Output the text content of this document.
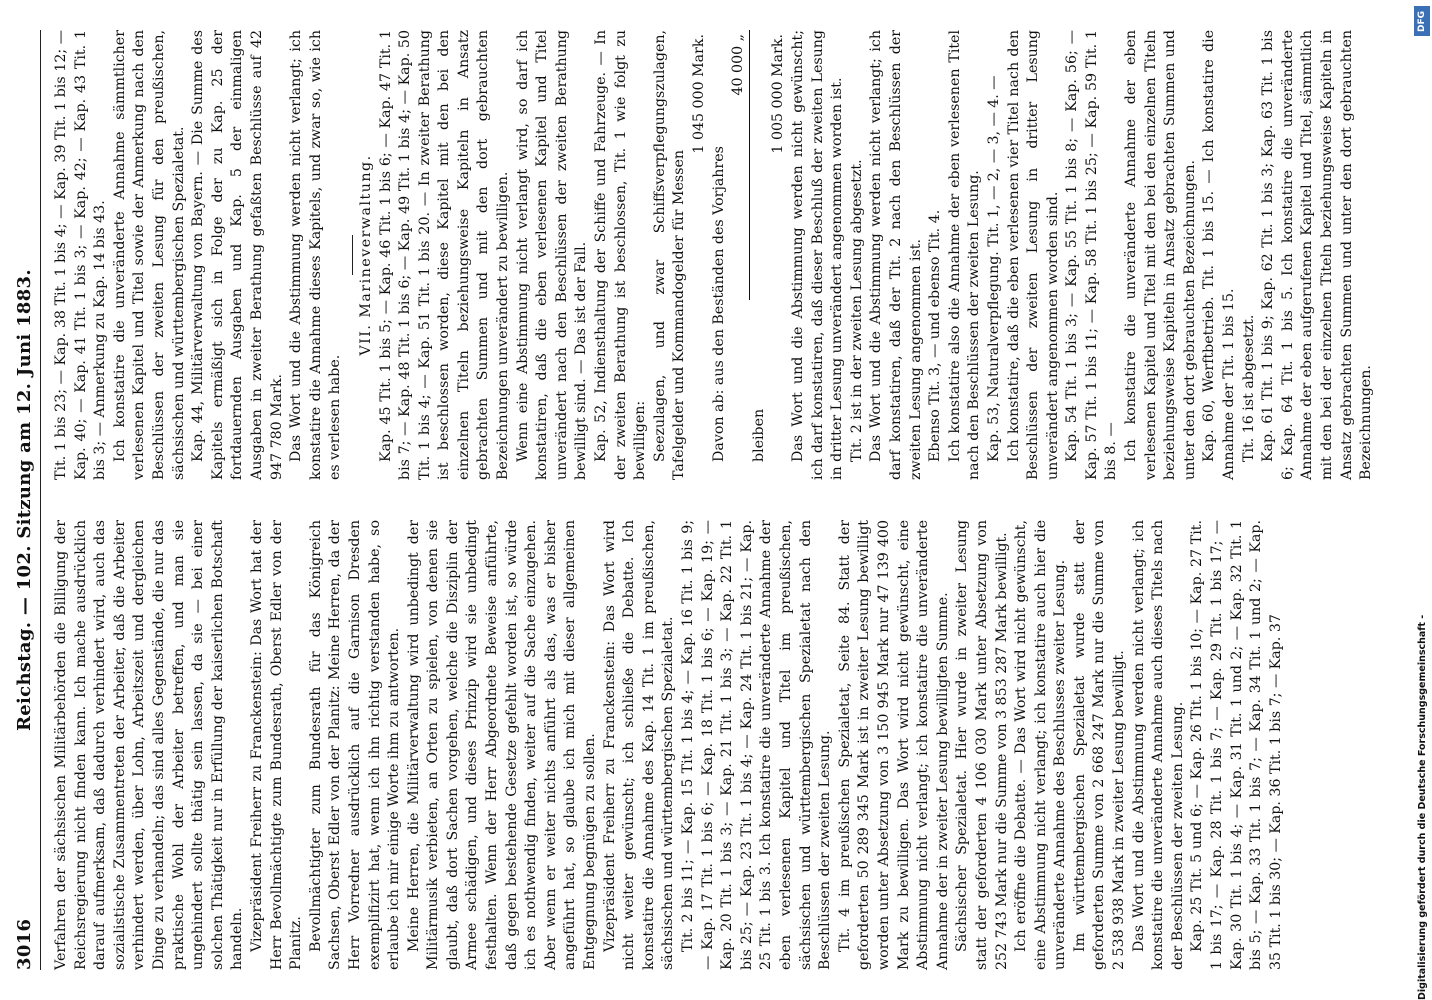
3016
Reichstag. — 102. Sitzung am 12. Juni 1883.

Verfahren der sächsischen Militärbehörden die Billigung der Reichsregierung nicht finden kann. Ich mache ausdrücklich darauf aufmerksam, daß dadurch verhindert wird, auch das sozialistische Zusammentreten der Arbeiter, daß die Arbeiter verhindert werden, über Lohn, Arbeitszeit und dergleichen Dinge zu verhandeln; das sind alles Gegenstände, die nur das praktische Wohl der Arbeiter betreffen, und man sie ungehindert sollte thätig sein lassen, da sie — bei einer solchen Thätigkeit nur in Erfüllung der kaiserlichen Botschaft handeln. Vizepräsident Freiherr zu Franckenstein: Das Wort hat der Herr Bevollmächtigte zum Bundesrath, Oberst Edler von der Planitz. Bevollmächtigter zum Bundesrath für das Königreich Sachsen, Oberst Edler von der Planitz: Meine Herren, da der Herr Vorredner ausdrücklich auf die Garnison Dresden exemplifizirt hat, wenn ich ihn richtig verstanden habe, so erlaube ich mir einige Worte ihm zu antworten. Meine Herren, die Militärverwaltung wird unbedingt der Militärmusik verbieten, an Orten zu spielen, von denen sie glaubt, daß dort Sachen vorgehen, welche die Disziplin der Armee schädigen, und dieses Prinzip wird sie unbedingt festhalten. Wenn der Herr Abgeordnete Beweise anführte, daß gegen bestehende Gesetze gefehlt worden ist, so würde ich es nothwendig finden, weiter auf die Sache einzugehen. Aber wenn er weiter nichts anführt als das, was er bisher angeführt hat, so glaube ich mich mit dieser allgemeinen Entgegnung begnügen zu sollen. Vizepräsident Freiherr zu Franckenstein: Das Wort wird nicht weiter gewünscht; ich schließe die Debatte. Ich konstatire die Annahme des Kap. 14 Tit. 1 im preußischen, sächsischen und württembergischen Spezialetat. Tit. 2 bis 11; — Kap. 15 Tit. 1 bis 4; — Kap. 16 Tit. 1 bis 9; — Kap. 17 Tit. 1 bis 6; — Kap. 18 Tit. 1 bis 6; — Kap. 19; — Kap. 20 Tit. 1 bis 3; — Kap. 21 Tit. 1 bis 3; — Kap. 22 Tit. 1 bis 25; — Kap. 23 Tit. 1 bis 4; — Kap. 24 Tit. 1 bis 21; — Kap. 25 Tit. 1 bis 3. Ich konstatire die unveränderte Annahme der eben verlesenen Kapitel und Titel im preußischen, sächsischen und württembergischen Spezialetat nach den Beschlüssen der zweiten Lesung. Tit. 4 im preußischen Spezialetat, Seite 84. Statt der geforderten 50 289 345 Mark ist in zweiter Lesung bewilligt worden unter Absetzung von 3 150 945 Mark nur 47 139 400 Mark zu bewilligen. Das Wort wird nicht gewünscht, eine Abstimmung nicht verlangt; ich konstatire die unveränderte Annahme der in zweiter Lesung bewilligten Summe. Sächsischer Spezialetat. Hier wurde in zweiter Lesung statt der geforderten 4 106 030 Mark unter Absetzung von 252 743 Mark nur die Summe von 3 853 287 Mark bewilligt. Ich eröffne die Debatte. — Das Wort wird nicht gewünscht, eine Abstimmung nicht verlangt; ich konstatire auch hier die unveränderte Annahme des Beschlusses zweiter Lesung. Im württembergischen Spezialetat wurde statt der geforderten Summe von 2 668 247 Mark nur die Summe von 2 538 938 Mark in zweiter Lesung bewilligt. Das Wort und die Abstimmung werden nicht verlangt; ich konstatire die unveränderte Annahme auch dieses Titels nach der Beschlüssen der zweiten Lesung. Kap. 25 Tit. 5 und 6; — Kap. 26 Tit. 1 bis 10; — Kap. 27 Tit. 1 bis 17; — Kap. 28 Tit. 1 bis 7; — Kap. 29 Tit. 1 bis 17; — Kap. 30 Tit. 1 bis 4; — Kap. 31 Tit. 1 und 2; — Kap. 32 Tit. 1 bis 5; — Kap. 33 Tit. 1 bis 7; — Kap. 34 Tit. 1 und 2; — Kap. 35 Tit. 1 bis 30; — Kap. 36 Tit. 1 bis 7; — Kap. 37

Tit. 1 bis 23; — Kap. 38 Tit. 1 bis 4; — Kap. 39 Tit. 1 bis 12; — Kap. 40; — Kap. 41 Tit. 1 bis 3; — Kap. 42; — Kap. 43 Tit. 1 bis 3; — Anmerkung zu Kap. 14 bis 43. Ich konstatire die unveränderte Annahme sämmtlicher verlesenen Kapitel und Titel sowie der Anmerkung nach den Beschlüssen der zweiten Lesung für den preußischen, sächsischen und württembergischen Spezialetat. Kap. 44, Militärverwaltung von Bayern. — Die Summe des Kapitels ermäßigt sich in Folge der zu Kap. 25 der fortdauernden Ausgaben und Kap. 5 der einmaligen Ausgaben in zweiter Berathung gefaßten Beschlüsse auf 42 947 780 Mark. Das Wort und die Abstimmung werden nicht verlangt; ich konstatire die Annahme dieses Kapitels, und zwar so, wie ich es verlesen habe.

VII. Marineverwaltung. Kap. 45 Tit. 1 bis 5; — Kap. 46 Tit. 1 bis 6; — Kap. 47 Tit. 1 bis 7; — Kap. 48 Tit. 1 bis 6; — Kap. 49 Tit. 1 bis 4; — Kap. 50 Tit. 1 bis 4; — Kap. 51 Tit. 1 bis 20. — In zweiter Berathung ist beschlossen worden, diese Kapitel mit den bei den einzelnen Titeln beziehungsweise Kapiteln in Ansatz gebrachten Summen und mit den dort gebrauchten Bezeichnungen unverändert zu bewilligen. Wenn eine Abstimmung nicht verlangt wird, so darf ich konstatiren, daß die eben verlesenen Kapitel und Titel unverändert nach den Beschlüssen der zweiten Berathung bewilligt sind. — Das ist der Fall. Kap. 52, Indiensthaltung der Schiffe und Fahrzeuge. — In der zweiten Berathung ist beschlossen, Tit. 1 wie folgt zu bewilligen: Seezulagen, und zwar Schiffsverpflegungszulagen, Tafelgelder und Kommandogelder für Messen

1 045 000 Mark.

Davon ab: aus den Beständen des Vorjahres

40 000 „

bleiben

1 005 000 Mark. Das Wort und die Abstimmung werden nicht gewünscht; ich darf konstatiren, daß dieser Beschluß der zweiten Lesung in dritter Lesung unverändert angenommen worden ist. Tit. 2 ist in der zweiten Lesung abgesetzt. Das Wort und die Abstimmung werden nicht verlangt; ich darf konstatiren, daß der Tit. 2 nach den Beschlüssen der zweiten Lesung angenommen ist. Ebenso Tit. 3, — und ebenso Tit. 4. Ich konstatire also die Annahme der eben verlesenen Titel nach den Beschlüssen der zweiten Lesung. Kap. 53, Naturalverpflegung. Tit. 1, — 2, — 3, — 4. — Ich konstatire, daß die eben verlesenen vier Titel nach den Beschlüssen der zweiten Lesung in dritter Lesung unverändert angenommen worden sind. Kap. 54 Tit. 1 bis 3; — Kap. 55 Tit. 1 bis 8; — Kap. 56; — Kap. 57 Tit. 1 bis 11; — Kap. 58 Tit. 1 bis 25; — Kap. 59 Tit. 1 bis 8. — Ich konstatire die unveränderte Annahme der eben verlesenen Kapitel und Titel mit den bei den einzelnen Titeln beziehungsweise Kapiteln in Ansatz gebrachten Summen und unter den dort gebrauchten Bezeichnungen. Kap. 60, Werftbetrieb. Tit. 1 bis 15. — Ich konstatire die Annahme der Tit. 1 bis 15. Tit. 16 ist abgesetzt. Kap. 61 Tit. 1 bis 9; Kap. 62 Tit. 1 bis 3; Kap. 63 Tit. 1 bis 6; Kap. 64 Tit. 1 bis 5. Ich konstatire die unveränderte Annahme der eben aufgerufenen Kapitel und Titel, sämmtlich mit den bei der einzelnen Titeln beziehungsweise Kapiteln in Ansatz gebrachten Summen und unter den dort gebrauchten Bezeichnungen.

Digitalisierung gefördert durch die Deutsche Forschungsgemeinschaft -
DFG
